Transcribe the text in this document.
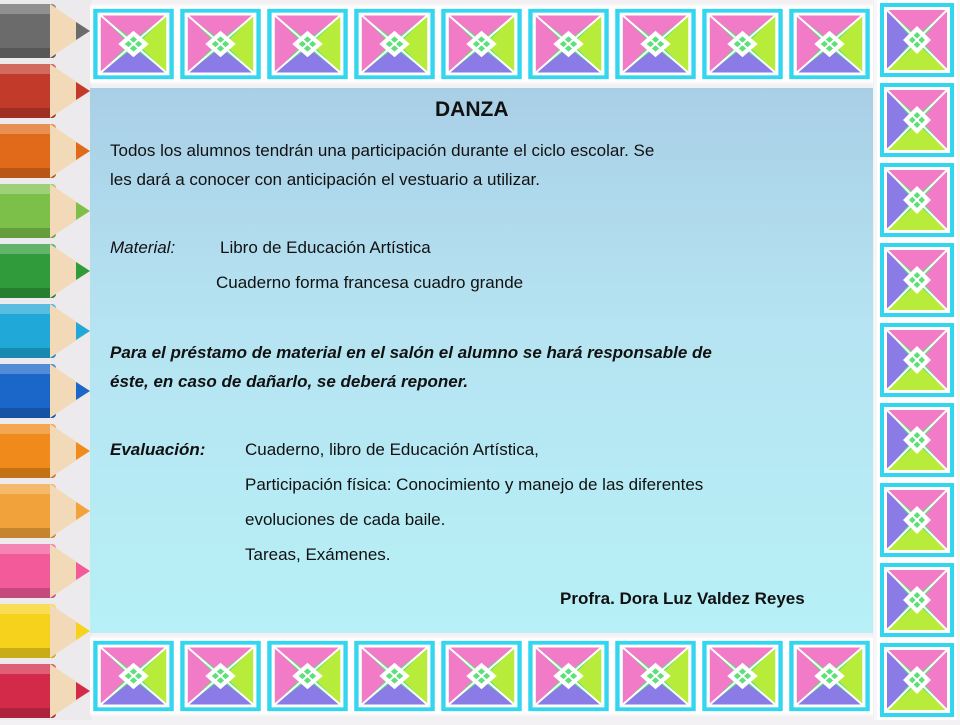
DANZA
Todos los alumnos tendrán una participación durante el ciclo escolar. Se
les dará a conocer con anticipación el vestuario a utilizar.
Material:	Libro de Educación Artística
Cuaderno forma francesa cuadro grande
Para el préstamo de material en el salón el alumno se hará responsable de
éste, en caso de dañarlo, se deberá reponer.
Evaluación: Cuaderno, libro de Educación Artística,
Participación física: Conocimiento y manejo de las diferentes
evoluciones de cada baile.
Tareas, Exámenes.
Profra. Dora Luz Valdez Reyes
